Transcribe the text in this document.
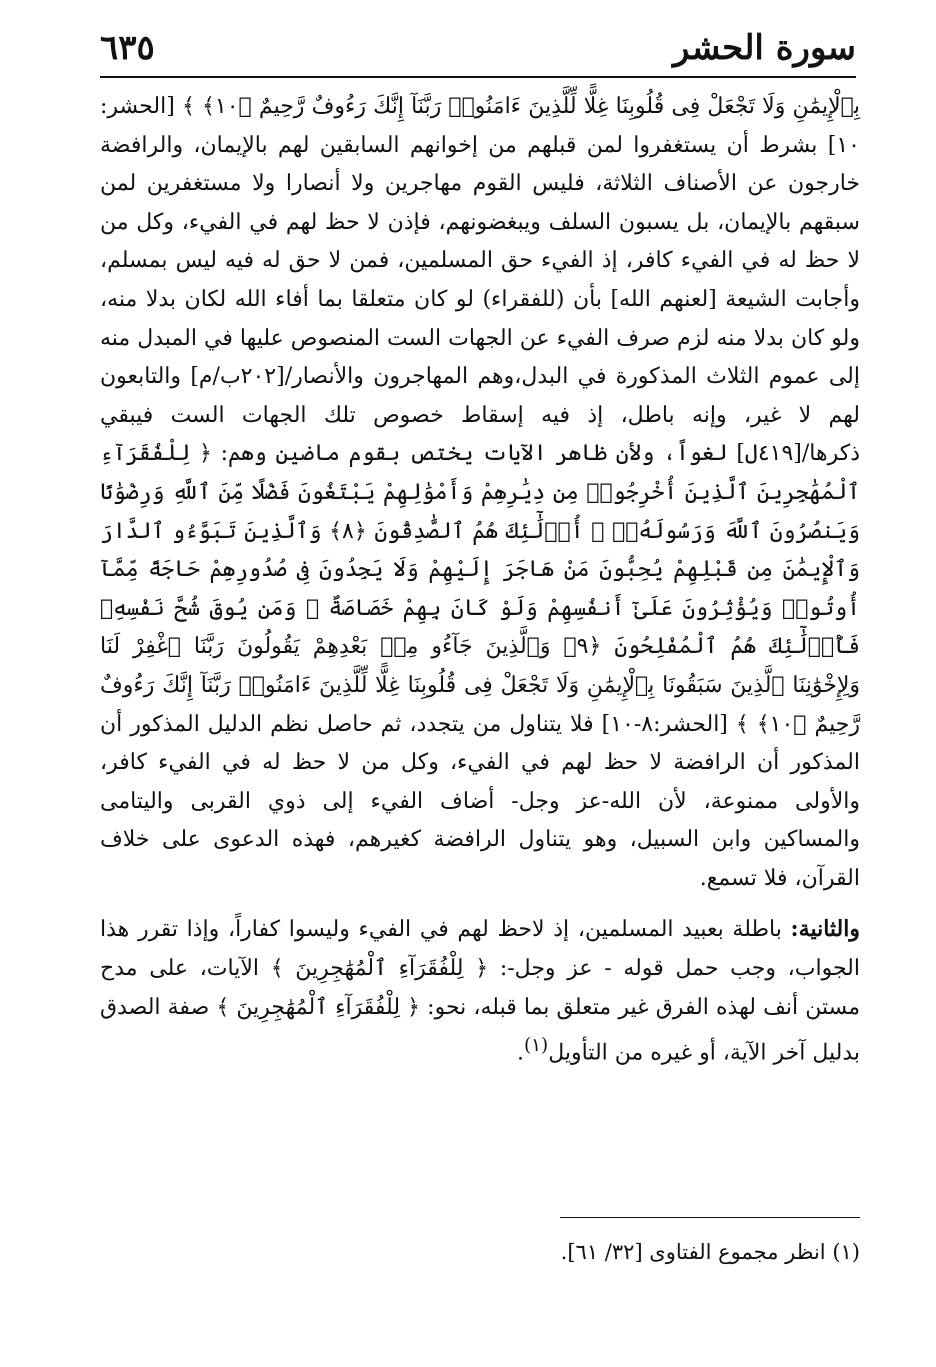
سورة الحشر
٦٣٥

بِٱلْإِيمَٰنِ وَلَا تَجْعَلْ فِى قُلُوبِنَا غِلًّا لِّلَّذِينَ ءَامَنُوا۟ رَبَّنَآ إِنَّكَ رَءُوفٌ رَّحِيمٌ ﴿١٠﴾ ﴾ [الحشر: ١٠] بشرط أن يستغفروا لمن قبلهم من إخوانهم السابقين لهم بالإيمان، والرافضة خارجون عن الأصناف الثلاثة، فليس القوم مهاجرين ولا أنصارا ولا مستغفرين لمن سبقهم بالإيمان، بل يسبون السلف ويبغضونهم، فإذن لا حظ لهم في الفيء، وكل من لا حظ له في الفيء كافر، إذ الفيء حق المسلمين، فمن لا حق له فيه ليس بمسلم، وأجابت الشيعة [لعنهم الله] بأن (للفقراء) لو كان متعلقا بما أفاء الله لكان بدلا منه، ولو كان بدلا منه لزم صرف الفيء عن الجهات الست المنصوص عليها في المبدل منه إلى عموم الثلاث المذكورة في البدل،وهم المهاجرون والأنصار/[٢٠٢ب/م] والتابعون لهم لا غير، وإنه باطل، إذ فيه إسقاط خصوص تلك الجهات الست فيبقي ذكرها/[٤١٩ل] لغواً، ولأن ظاهر الآيات يختص بقوم ماضين وهم: ﴿ لِلْفُقَرَآءِ ٱلْمُهَٰجِرِينَ ٱلَّذِينَ أُخْرِجُوا۟ مِن دِيَٰرِهِمْ وَأَمْوَٰلِهِمْ يَبْتَغُونَ فَضْلًا مِّنَ ٱللَّهِ وَرِضْوَٰنًا وَيَنصُرُونَ ٱللَّهَ وَرَسُولَهُۥٓ ۚ أُو۟لَٰٓئِكَ هُمُ ٱلصَّٰدِقُونَ ﴿٨﴾ وَٱلَّذِينَ تَبَوَّءُو ٱلدَّارَ وَٱلْإِيمَٰنَ مِن قَبْلِهِمْ يُحِبُّونَ مَنْ هَاجَرَ إِلَيْهِمْ وَلَا يَجِدُونَ فِى صُدُورِهِمْ حَاجَةً مِّمَّآ أُوتُوا۟ وَيُؤْثِرُونَ عَلَىٰٓ أَنفُسِهِمْ وَلَوْ كَانَ بِهِمْ خَصَاصَةٌ ۚ وَمَن يُوقَ شُحَّ نَفْسِهِۦ فَأُو۟لَٰٓئِكَ هُمُ ٱلْمُفْلِحُونَ ﴿٩﴾ وَٱلَّذِينَ جَآءُو مِنۢ بَعْدِهِمْ يَقُولُونَ رَبَّنَا ٱغْفِرْ لَنَا وَلِإِخْوَٰنِنَا ٱلَّذِينَ سَبَقُونَا بِٱلْإِيمَٰنِ وَلَا تَجْعَلْ فِى قُلُوبِنَا غِلًّا لِّلَّذِينَ ءَامَنُوا۟ رَبَّنَآ إِنَّكَ رَءُوفٌ رَّحِيمٌ ﴿١٠﴾ ﴾ [الحشر:٨-١٠] فلا يتناول من يتجدد، ثم حاصل نظم الدليل المذكور أن المذكور أن الرافضة لا حظ لهم في الفيء، وكل من لا حظ له في الفيء كافر، والأولى ممنوعة، لأن الله-عز وجل- أضاف الفيء إلى ذوي القربى واليتامى والمساكين وابن السبيل، وهو يتناول الرافضة كغيرهم، فهذه الدعوى على خلاف القرآن، فلا تسمع.

والثانية: باطلة بعبيد المسلمين، إذ لاحظ لهم في الفيء وليسوا كفاراً، وإذا تقرر هذا الجواب، وجب حمل قوله - عز وجل-: ﴿ لِلْفُقَرَآءِ ٱلْمُهَٰجِرِينَ ﴾ الآيات، على مدح مستن أنف لهذه الفرق غير متعلق بما قبله، نحو: ﴿ لِلْفُقَرَآءِ ٱلْمُهَٰجِرِينَ ﴾ صفة الصدق بدليل آخر الآية، أو غيره من التأويل$^{(١)}$.

(١) انظر مجموع الفتاوى [٣٢/ ٦١].
